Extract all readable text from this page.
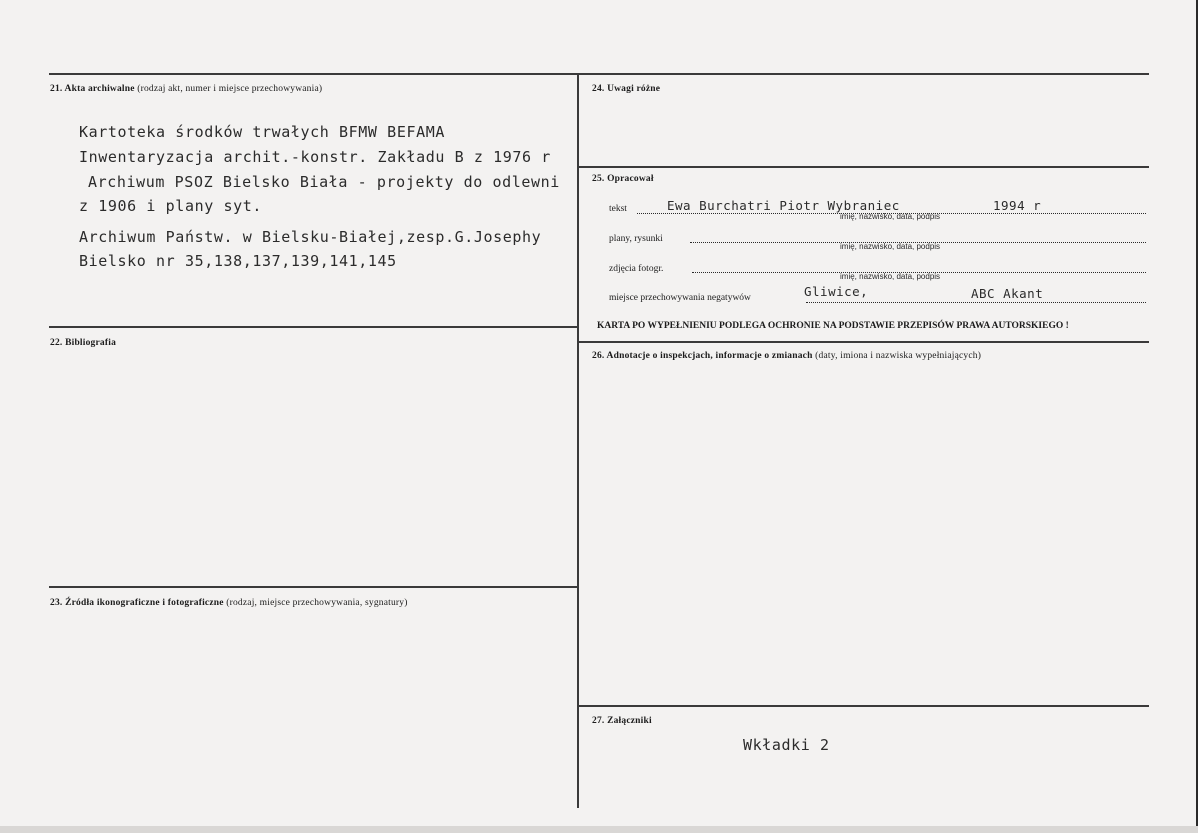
21. Akta archiwalne (rodzaj akt, numer i miejsce przechowywania)
Kartoteka środków trwałych BFMW BEFAMA
Inwentaryzacja archit.-konstr. Zakładu B z 1976 r
Archiwum PSOZ Bielsko Biała - projekty do odlewni
z 1906 i plany syt.
Archiwum Państw. w Bielsku-Białej,zesp.G.Josephy
Bielsko nr 35,138,137,139,141,145
22. Bibliografia
23. Źródła ikonograficzne i fotograficzne (rodzaj, miejsce przechowywania, sygnatury)
24. Uwagi różne
25. Opracował
tekst	Ewa Burchatri Piotr Wybraniec	1994 r
imię, nazwisko, data, podpis
plany, rysunki
imię, nazwisko, data, podpis
zdjęcia fotogr.
imię, nazwisko, data, podpis
miejsce przechowywania negatywów	Gliwice,	ABC Akant
KARTA PO WYPEŁNIENIU PODLEGA OCHRONIE NA PODSTAWIE PRZEPISÓW PRAWA AUTORSKIEGO !
26. Adnotacje o inspekcjach, informacje o zmianach (daty, imiona i nazwiska wypełniających)
27. Załączniki
Wkładki 2
